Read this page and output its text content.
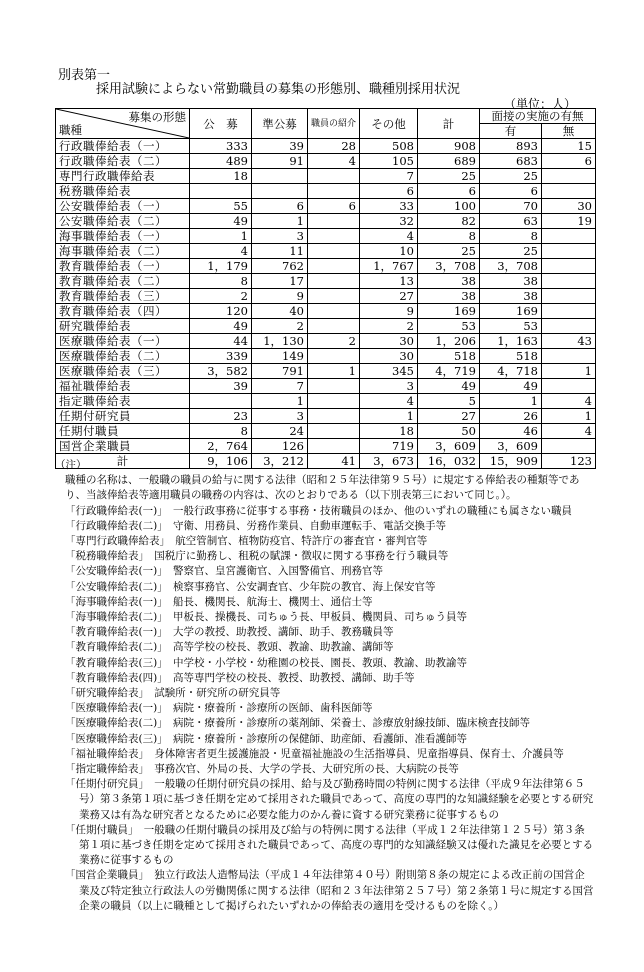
別表第一
採用試験によらない常勤職員の募集の形態別、職種別採用状況
（単位：人）
募集の形態
職種	公　募	準公募	職員の紹介	その他	計	面接の実施の有無	
						有	無
行政職俸給表（一）	333	39	28	508	908	893	15
行政職俸給表（二）	489	91	4	105	689	683	6
専門行政職俸給表	18			7	25	25	
税務職俸給表				6	6	6	
公安職俸給表（一）	55	6	6	33	100	70	30
公安職俸給表（二）	49	1		32	82	63	19
海事職俸給表（一）	1	3		4	8	8	
海事職俸給表（二）	4	11		10	25	25	
教育職俸給表（一）	1，179	762		1，767	3，708	3，708	
教育職俸給表（二）	8	17		13	38	38	
教育職俸給表（三）	2	9		27	38	38	
教育職俸給表（四）	120	40		9	169	169	
研究職俸給表	49	2		2	53	53	
医療職俸給表（一）	44	1，130	2	30	1，206	1，163	43
医療職俸給表（二）	339	149		30	518	518	
医療職俸給表（三）	3，582	791	1	345	4，719	4，718	1
福祉職俸給表	39	7		3	49	49	
指定職俸給表		1		4	5	1	4
任期付研究員	23	3		1	27	26	1
任期付職員	8	24		18	50	46	4
国営企業職員	2，764	126		719	3，609	3，609	
計	9，106	3，212	41	3，673	16，032	15，909	123

（注）

職種の名称は、一般職の職員の給与に関する法律（昭和２５年法律第９５号）に規定する俸給表の種類等であり、当該俸給表等適用職員の職務の内容は、次のとおりである（以下別表第三において同じ。）。

「行政職俸給表(一)」　一般行政事務に従事する事務・技術職員のほか、他のいずれの職種にも属さない職員

「行政職俸給表(二)」　守衛、用務員、労務作業員、自動車運転手、電話交換手等

「専門行政職俸給表」　航空管制官、植物防疫官、特許庁の審査官・審判官等

「税務職俸給表」　国税庁に勤務し、租税の賦課・徴収に関する事務を行う職員等

「公安職俸給表(一)」　警察官、皇宮護衛官、入国警備官、刑務官等

「公安職俸給表(二)」　検察事務官、公安調査官、少年院の教官、海上保安官等

「海事職俸給表(一)」　船長、機関長、航海士、機関士、通信士等

「海事職俸給表(二)」　甲板長、操機長、司ちゅう長、甲板員、機関員、司ちゅう員等

「教育職俸給表(一)」　大学の教授、助教授、講師、助手、教務職員等

「教育職俸給表(二)」　高等学校の校長、教頭、教諭、助教諭、講師等

「教育職俸給表(三)」　中学校・小学校・幼稚園の校長、園長、教頭、教諭、助教諭等

「教育職俸給表(四)」　高等専門学校の校長、教授、助教授、講師、助手等

「研究職俸給表」　試験所・研究所の研究員等

「医療職俸給表(一)」　病院・療養所・診療所の医師、歯科医師等

「医療職俸給表(二)」　病院・療養所・診療所の薬剤師、栄養士、診療放射線技師、臨床検査技師等

「医療職俸給表(三)」　病院・療養所・診療所の保健師、助産師、看護師、准看護師等

「福祉職俸給表」　身体障害者更生援護施設・児童福祉施設の生活指導員、児童指導員、保育士、介護員等

「指定職俸給表」　事務次官、外局の長、大学の学長、大研究所の長、大病院の長等

「任期付研究員」　一般職の任期付研究員の採用、給与及び勤務時間の特例に関する法律（平成９年法律第６５号）第３条第１項に基づき任期を定めて採用された職員であって、高度の専門的な知識経験を必要とする研究業務又は有為な研究者となるために必要な能力のかん養に資する研究業務に従事するもの

「任期付職員」　一般職の任期付職員の採用及び給与の特例に関する法律（平成１２年法律第１２５号）第３条第１項に基づき任期を定めて採用された職員であって、高度の専門的な知識経験又は優れた識見を必要とする業務に従事するもの

「国営企業職員」　独立行政法人造幣局法（平成１４年法律第４０号）附則第８条の規定による改正前の国営企業及び特定独立行政法人の労働関係に関する法律（昭和２３年法律第２５７号）第２条第１号に規定する国営企業の職員（以上に職種として掲げられたいずれかの俸給表の適用を受けるものを除く。）
